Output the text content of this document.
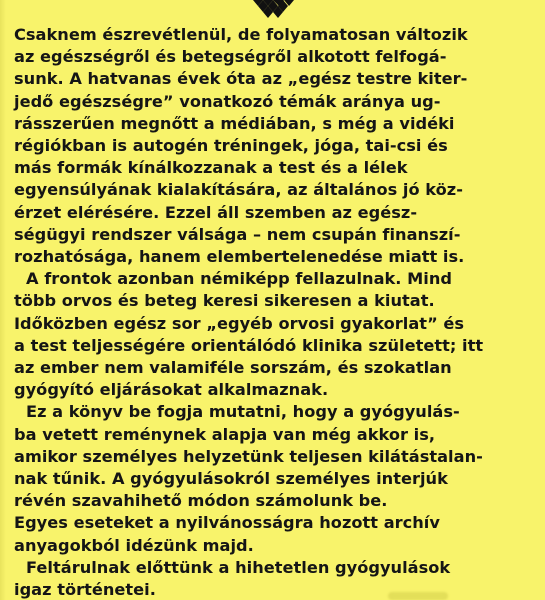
Csaknem észrevétlenül, de folyamatosan változik
az egészségről és betegségről alkotott felfogá-
sunk. A hatvanas évek óta az „egész testre kiter-
jedő egészségre” vonatkozó témák aránya ug-
rásszerűen megnőtt a médiában, s még a vidéki
régiókban is autogén tréningek, jóga, tai-csi és
más formák kínálkozzanak a test és a lélek
egyensúlyának kialakítására, az általános jó köz-
érzet elérésére. Ezzel áll szemben az egész-
ségügyi rendszer válsága – nem csupán finanszí-
rozhatósága, hanem elembertelenedése miatt is.

A frontok azonban némiképp fellazulnak. Mind
több orvos és beteg keresi sikeresen a kiutat.
Időközben egész sor „egyéb orvosi gyakorlat” és
a test teljességére orientálódó klinika született; itt
az ember nem valamiféle sorszám, és szokatlan
gyógyító eljárásokat alkalmaznak.

Ez a könyv be fogja mutatni, hogy a gyógyulás-
ba vetett reménynek alapja van még akkor is,
amikor személyes helyzetünk teljesen kilátástalan-
nak tűnik. A gyógyulásokról személyes interjúk
révén szavahihető módon számolunk be.
Egyes eseteket a nyilvánosságra hozott archív
anyagokból idézünk majd.

Feltárulnak előttünk a hihetetlen gyógyulások
igaz történetei.
